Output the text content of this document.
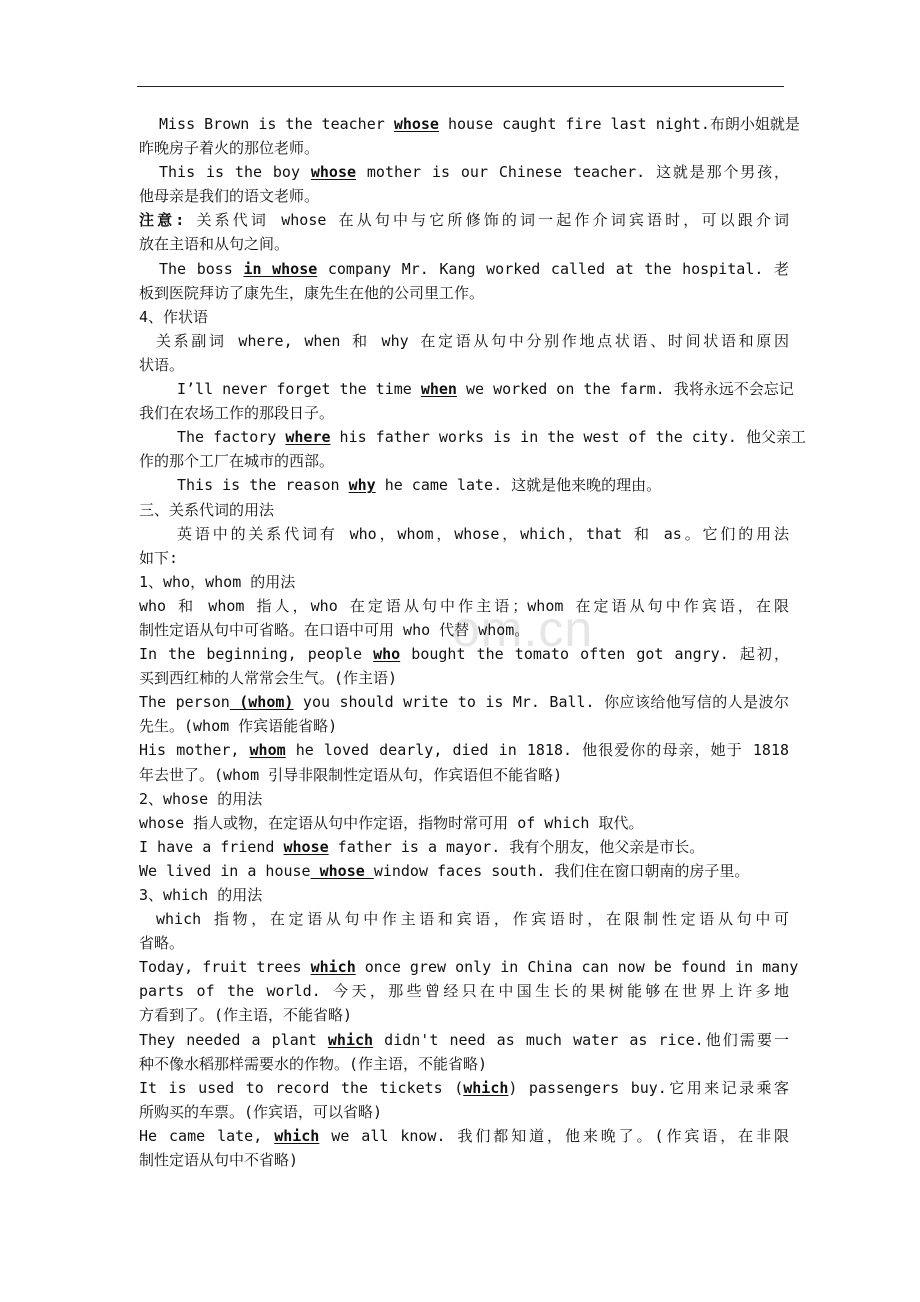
om.cn
Miss Brown is the teacher whose house caught fire last night.布朗小姐就是
昨晚房子着火的那位老师。
This is the boy whose mother is our Chinese teacher. 这就是那个男孩，
他母亲是我们的语文老师。
注意: 关系代词 whose 在从句中与它所修饰的词一起作介词宾语时，可以跟介词
放在主语和从句之间。
The boss in whose company Mr. Kang worked called at the hospital. 老
板到医院拜访了康先生，康先生在他的公司里工作。
4、作状语
关系副词 where, when 和 why 在定语从句中分别作地点状语、时间状语和原因
状语。
I’ll never forget the time when we worked on the farm. 我将永远不会忘记
我们在农场工作的那段日子。
The factory where his father works is in the west of the city. 他父亲工
作的那个工厂在城市的西部。
This is the reason why he came late. 这就是他来晚的理由。
三、关系代词的用法
英语中的关系代词有 who，whom，whose，which，that 和 as。它们的用法
如下:
1、who，whom 的用法
who 和 whom 指人，who 在定语从句中作主语；whom 在定语从句中作宾语，在限
制性定语从句中可省略。在口语中可用 who 代替 whom。
In the beginning, people who bought the tomato often got angry. 起初，
买到西红柿的人常常会生气。(作主语)
The person (whom) you should write to is Mr. Ball. 你应该给他写信的人是波尔
先生。(whom 作宾语能省略)
His mother, whom he loved dearly, died in 1818. 他很爱你的母亲，她于 1818
年去世了。(whom 引导非限制性定语从句，作宾语但不能省略)
2、whose 的用法
whose 指人或物，在定语从句中作定语，指物时常可用 of which 取代。
I have a friend whose father is a mayor. 我有个朋友，他父亲是市长。
We lived in a house whose window faces south. 我们住在窗口朝南的房子里。
3、which 的用法
which 指物，在定语从句中作主语和宾语，作宾语时，在限制性定语从句中可
省略。
Today, fruit trees which once grew only in China can now be found in many
parts of the world. 今天，那些曾经只在中国生长的果树能够在世界上许多地
方看到了。(作主语，不能省略)
They needed a plant which didn't need as much water as rice.他们需要一
种不像水稻那样需要水的作物。(作主语，不能省略)
It is used to record the tickets (which) passengers buy.它用来记录乘客
所购买的车票。(作宾语，可以省略)
He came late, which we all know. 我们都知道，他来晚了。(作宾语，在非限
制性定语从句中不省略)
